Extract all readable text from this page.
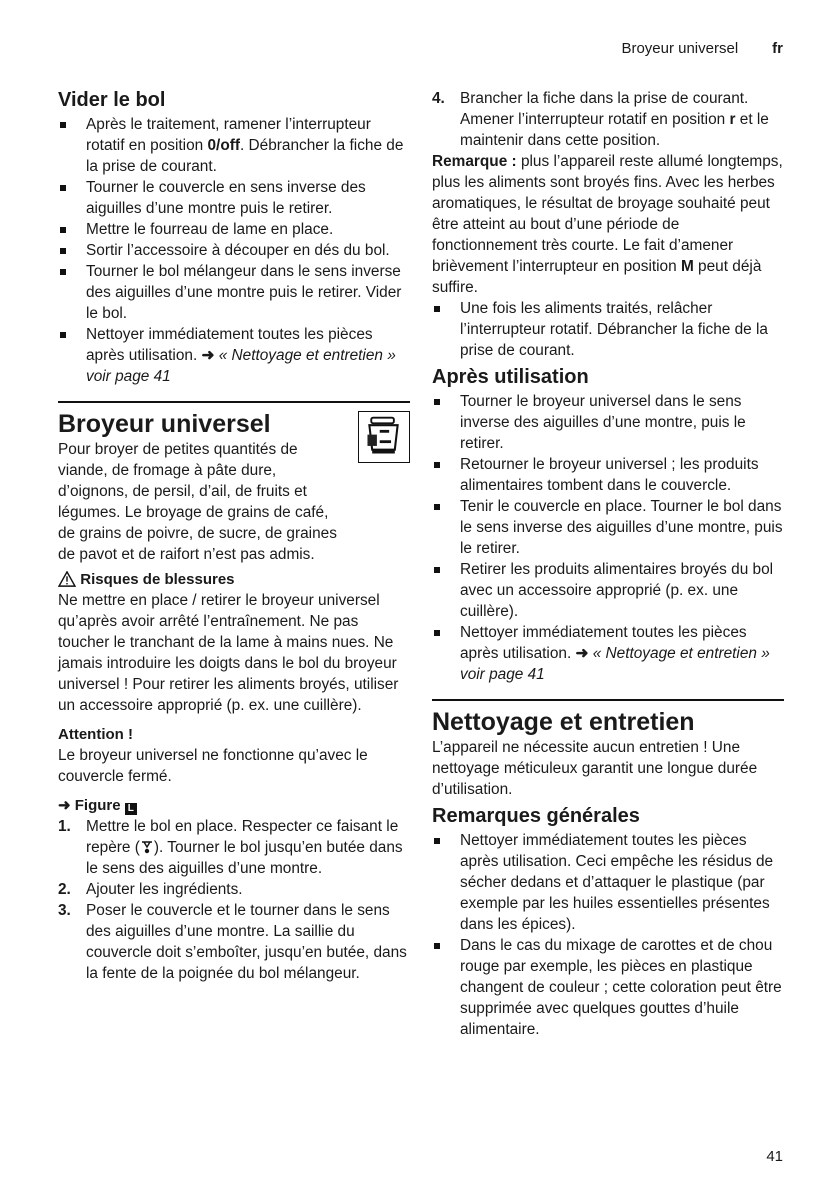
Broyeur universel fr
Vider le bol
Après le traitement, ramener l’interrupteur rotatif en position 0/off. Débrancher la fiche de la prise de courant.
Tourner le couvercle en sens inverse des aiguilles d’une montre puis le retirer.
Mettre le fourreau de lame en place.
Sortir l’accessoire à découper en dés du bol.
Tourner le bol mélangeur dans le sens inverse des aiguilles d’une montre puis le retirer. Vider le bol.
Nettoyer immédiatement toutes les pièces après utilisation. ➜ « Nettoyage et entretien » voir page 41
Broyeur universel

Pour broyer de petites quantités de viande, de fromage à pâte dure, d’oignons, de persil, d’ail, de fruits et légumes. Le broyage de grains de café, de grains de poivre, de sucre, de graines de pavot et de raifort n’est pas admis.

Risques de blessures

Ne mettre en place / retirer le broyeur universel qu’après avoir arrêté l’entraînement. Ne pas toucher le tranchant de la lame à mains nues. Ne jamais introduire les doigts dans le bol du broyeur universel ! Pour retirer les aliments broyés, utiliser un accessoire approprié (p. ex. une cuillère).

Attention !

Le broyeur universel ne fonctionne qu’avec le couvercle fermé.

➜ Figure L

1. Mettre le bol en place. Respecter ce faisant le repère ( ). Tourner le bol jusqu’en butée dans le sens des aiguilles d’une montre.
2. Ajouter les ingrédients.
3. Poser le couvercle et le tourner dans le sens des aiguilles d’une montre. La saillie du couvercle doit s’emboîter, jusqu’en butée, dans la fente de la poignée du bol mélangeur.
4. Brancher la fiche dans la prise de courant. Amener l’interrupteur rotatif en position r et le maintenir dans cette position.

Remarque : plus l’appareil reste allumé longtemps, plus les aliments sont broyés fins. Avec les herbes aromatiques, le résultat de broyage souhaité peut être atteint au bout d’une période de fonctionnement très courte. Le fait d’amener brièvement l’interrupteur en position M peut déjà suffire.

Une fois les aliments traités, relâcher l’interrupteur rotatif. Débrancher la fiche de la prise de courant.
Après utilisation
Tourner le broyeur universel dans le sens inverse des aiguilles d’une montre, puis le retirer.
Retourner le broyeur universel ; les produits alimentaires tombent dans le couvercle.
Tenir le couvercle en place. Tourner le bol dans le sens inverse des aiguilles d’une montre, puis le retirer.
Retirer les produits alimentaires broyés du bol avec un accessoire approprié (p. ex. une cuillère).
Nettoyer immédiatement toutes les pièces après utilisation. ➜ « Nettoyage et entretien » voir page 41
Nettoyage et entretien

L’appareil ne nécessite aucun entretien ! Une nettoyage méticuleux garantit une longue durée d’utilisation.

Remarques générales
Nettoyer immédiatement toutes les pièces après utilisation. Ceci empêche les résidus de sécher dedans et d’attaquer le plastique (par exemple par les huiles essentielles présentes dans les épices).
Dans le cas du mixage de carottes et de chou rouge par exemple, les pièces en plastique changent de couleur ; cette coloration peut être supprimée avec quelques gouttes d’huile alimentaire.
41
